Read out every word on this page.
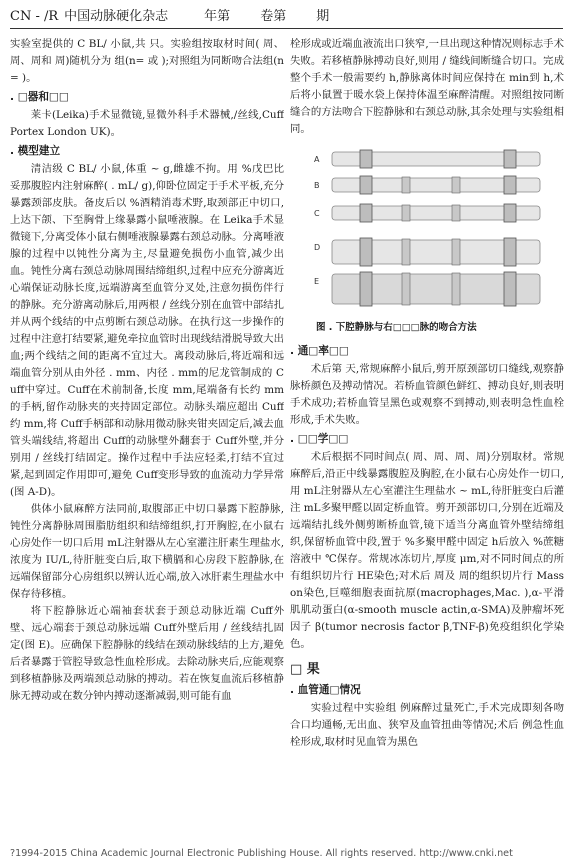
CN - /R 中国动脉硬化杂志	年第 卷第 期

实验室提供的 C BL/ 小鼠,共 只。实验组按取材时间( 周、周、周和 周)随机分为 组(n= 或 );对照组为同断吻合法组(n= )。

. □器和□□

莱卡(Leika)手术显微镜,显微外科手术器械,/丝线,Cuff Portex London UK)。

. 模型建立

清洁级 C BL/ 小鼠,体重 ~ g,雌雄不拘。用 %戊巴比妥那腹腔内注射麻醉( . mL/ g),仰卧位固定于手术平板,充分暴露颈部皮肤。备皮后以 %酒精消毒术野,取颈部正中切口,上达下颌、下至胸骨上缘暴露小鼠唾液腺。在 Leika手术显微镜下,分离受体小鼠右侧唾液腺暴露右颈总动脉。分离唾液腺的过程中以钝性分离为主,尽量避免损伤小血管,减少出血。钝性分离右颈总动脉周围结缔组织,过程中应充分游离近心端保证动脉长度,远端游离至血管分叉处,注意勿损伤伴行的静脉。充分游离动脉后,用两根 / 丝线分别在血管中部结扎并从两个线结的中点剪断右颈总动脉。在执行这一步操作的过程中注意打结要紧,避免牵拉血管时出现线结滑脱导致大出血;两个线结之间的距离不宜过大。离段动脉后,将近端和远端血管分别从由外径 . mm、内径 . mm的尼龙管制成的 Cuff中穿过。Cuff在术前制备,长度 mm,尾端备有长约 mm的手柄,留作动脉夹的夹持固定部位。动脉头端应超出 Cuff约 mm,将 Cuff手柄部和动脉用微动脉夹钳夹固定后,减去血管头端线结,将超出 Cuff的动脉壁外翻套于 Cuff外壁,并分别用 / 丝线打结固定。操作过程中手法应轻柔,打结不宜过紧,起到固定作用即可,避免 Cuff变形导致的血流动力学异常(图 A-D)。

供体小鼠麻醉方法同前,取腹部正中切口暴露下腔静脉,钝性分离静脉周围脂肪组织和结缔组织,打开胸腔,在小鼠右心房处作一切口后用 mL注射器从左心室灌注肝素生理盐水,浓度为 IU/L,待肝脏变白后,取下横膈和心房段下腔静脉,在远端保留部分心房组织以辨认近心端,放入冰肝素生理盐水中保存待移植。

将下腔静脉近心端袖套状套于颈总动脉近端 Cuff外壁、远心端套于颈总动脉远端 Cuff外壁后用 / 丝线结扎固定(图 E)。应确保下腔静脉的线结在颈动脉线结的上方,避免后者暴露于管腔导致急性血栓形成。去除动脉夹后,应能观察到移植静脉及两端颈总动脉的搏动。若在恢复血流后移植静脉无搏动或在数分钟内搏动逐渐减弱,则可能有血

栓形成或近端血液流出口狭窄,一旦出现这种情况则标志手术失败。若移植静脉搏动良好,则用 / 缝线间断缝合切口。完成整个手术一般需要约 h,静脉离体时间应保持在 min到 h,术后将小鼠置于暖水袋上保持体温至麻醉清醒。对照组按同断缝合的方法吻合下腔静脉和右颈总动脉,其余处理与实验组相同。

A
B
C
D
E
图 . 下腔静脉与右□□□脉的吻合方法
. 通□率□□

术后第 天,常规麻醉小鼠后,剪开原颈部切口缝线,观察静脉桥颜色及搏动情况。若桥血管颜色鲜红、搏动良好,则表明手术成功;若桥血管呈黑色或观察不到搏动,则表明急性血栓形成,手术失败。

. □□学□□

术后根据不同时间点( 周、周、周、周)分别取材。常规麻醉后,沿正中线暴露腹腔及胸腔,在小鼠右心房处作一切口,用 mL注射器从左心室灌注生理盐水 ~ mL,待肝脏变白后灌注 mL多聚甲醛以固定桥血管。剪开颈部切口,分别在近端及远端结扎线外侧剪断桥血管,镜下适当分离血管外壁结缔组织,保留桥血管中段,置于 %多聚甲醛中固定 h后放入 %蔗糖溶液中 ℃保存。常规冰冻切片,厚度 μm,对不同时间点的所有组织切片行 HE染色;对术后 周及 周的组织切片行 Masson染色,巨噬细胞表面抗原(macrophages,Mac. ),α-平滑肌肌动蛋白(α-smooth muscle actin,α-SMA)及肿瘤坏死因子 β(tumor necrosis factor β,TNF-β)免疫组织化学染色。

□ 果
. 血管通□情况

实验过程中实验组 例麻醉过量死亡,手术完成即刻各吻合口均通畅,无出血、狭窄及血管扭曲等情况;术后 例急性血栓形成,取材时见血管为黑色

?1994-2015 China Academic Journal Electronic Publishing House. All rights reserved. http://www.cnki.net
